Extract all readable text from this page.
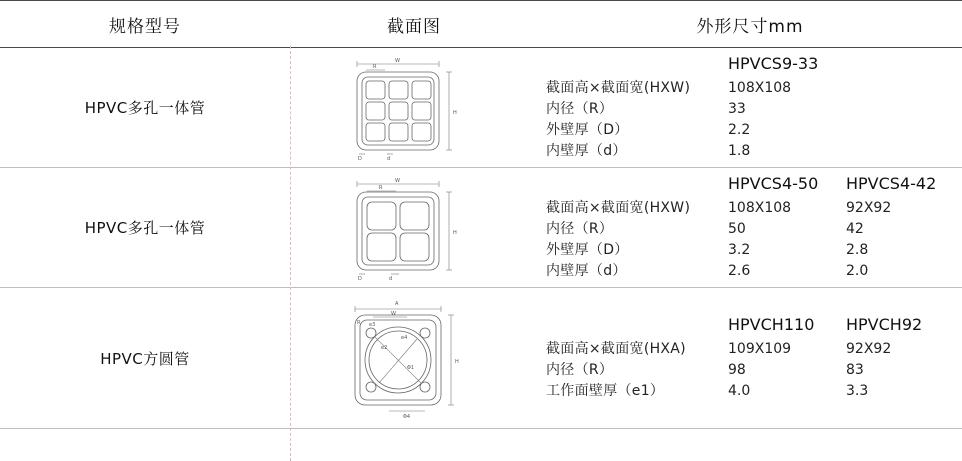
规格型号	截面图	外形尺寸mm
HPVC多孔一体管
W
R
H
D	d
HPVCS9-33
截面高×截面宽(HXW)	108X108
内径（R）	33
外壁厚（D）	2.2
内壁厚（d）	1.8
HPVC多孔一体管
W
R
H
D	d
HPVCS4-50	HPVCS4-42
截面高×截面宽(HXW)	108X108	92X92
内径（R）	50	42
外壁厚（D）	3.2	2.8
内壁厚（d）	2.6	2.0
HPVC方圆管
A
W
R
H
e3
e4
e2
Φ1
Φ4
HPVCH110	HPVCH92
截面高×截面宽(HXA)	109X109	92X92
内径（R）	98	83
工作面壁厚（e1）	4.0	3.3
